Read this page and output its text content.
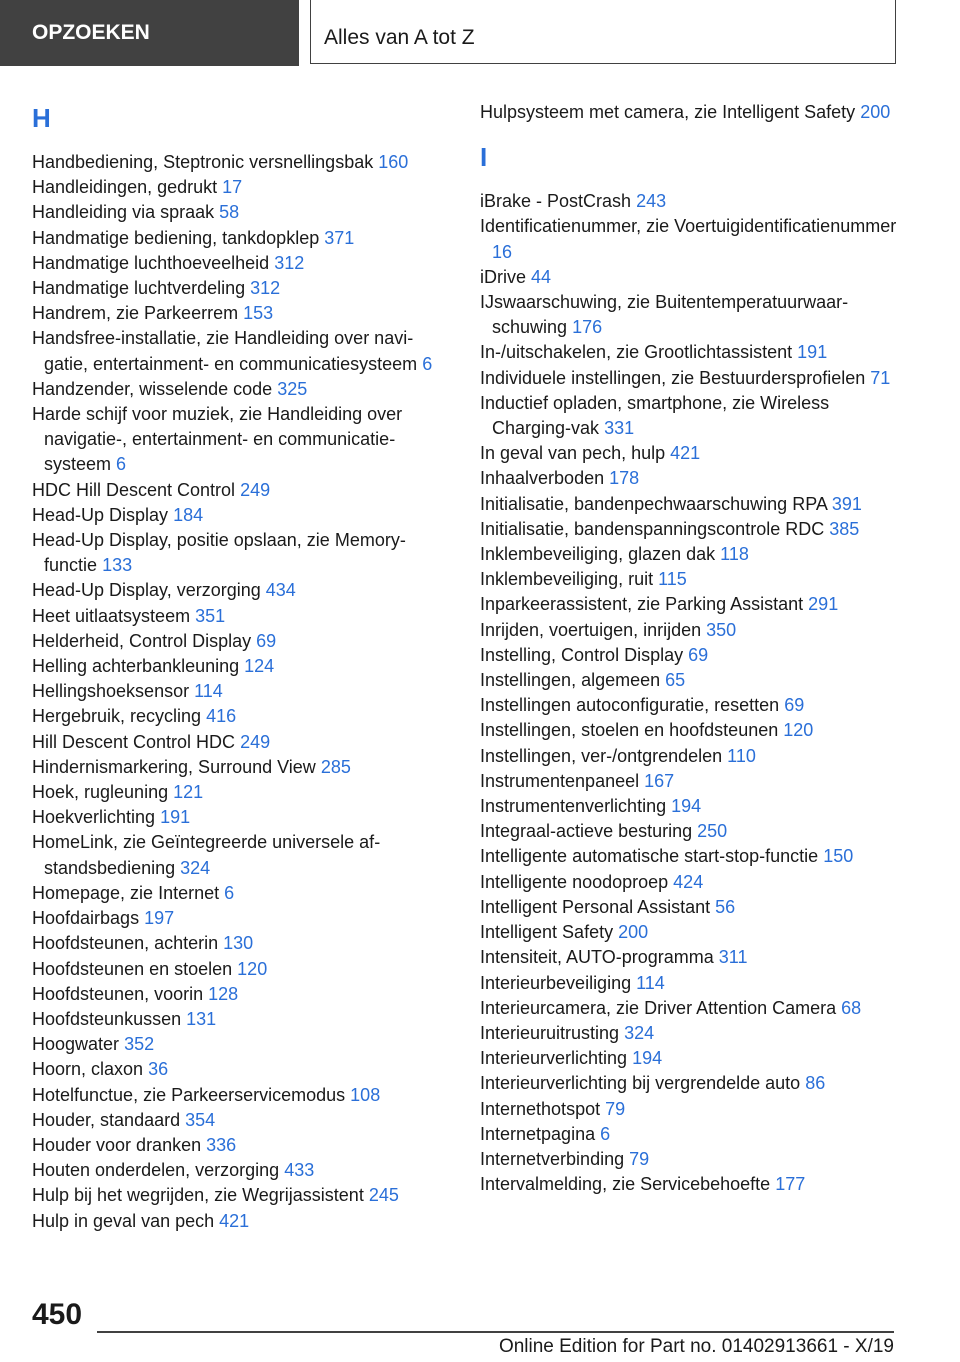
OPZOEKEN	Alles van A tot Z
H
Handbediening, Steptronic versnellingsbak 160
Handleidingen, gedrukt 17
Handleiding via spraak 58
Handmatige bediening, tankdopklep 371
Handmatige luchthoeveelheid 312
Handmatige luchtverdeling 312
Handrem, zie Parkeerrem 153
Handsfree-installatie, zie Handleiding over navigatie, entertainment- en communicatiesysteem 6
Handzender, wisselende code 325
Harde schijf voor muziek, zie Handleiding over navigatie-, entertainment- en communicatiesysteem 6
HDC Hill Descent Control 249
Head-Up Display 184
Head-Up Display, positie opslaan, zie Memoryfunctie 133
Head-Up Display, verzorging 434
Heet uitlaatsysteem 351
Helderheid, Control Display 69
Helling achterbankleuning 124
Hellingshoeksensor 114
Hergebruik, recycling 416
Hill Descent Control HDC 249
Hindernismarkering, Surround View 285
Hoek, rugleuning 121
Hoekverlichting 191
HomeLink, zie Geïntegreerde universele afstandsbediening 324
Homepage, zie Internet 6
Hoofdairbags 197
Hoofdsteunen, achterin 130
Hoofdsteunen en stoelen 120
Hoofdsteunen, voorin 128
Hoofdsteunkussen 131
Hoogwater 352
Hoorn, claxon 36
Hotelfunctue, zie Parkeerservicemodus 108
Houder, standaard 354
Houder voor dranken 336
Houten onderdelen, verzorging 433
Hulp bij het wegrijden, zie Wegrijassistent 245
Hulp in geval van pech 421
Hulpsysteem met camera, zie Intelligent Safety 200
I
iBrake - PostCrash 243
Identificatienummer, zie Voertuigidentificatienummer 16
iDrive 44
IJswaarschuwing, zie Buitentemperatuurwaarschuwing 176
In-/uitschakelen, zie Grootlichtassistent 191
Individuele instellingen, zie Bestuurdersprofielen 71
Inductief opladen, smartphone, zie Wireless Charging-vak 331
In geval van pech, hulp 421
Inhaalverboden 178
Initialisatie, bandenpechwaarschuwing RPA 391
Initialisatie, bandenspanningscontrole RDC 385
Inklembeveiliging, glazen dak 118
Inklembeveiliging, ruit 115
Inparkeerassistent, zie Parking Assistant 291
Inrijden, voertuigen, inrijden 350
Instelling, Control Display 69
Instellingen, algemeen 65
Instellingen autoconfiguratie, resetten 69
Instellingen, stoelen en hoofdsteunen 120
Instellingen, ver-/ontgrendelen 110
Instrumentenpaneel 167
Instrumentenverlichting 194
Integraal-actieve besturing 250
Intelligente automatische start-stop-functie 150
Intelligente noodoproep 424
Intelligent Personal Assistant 56
Intelligent Safety 200
Intensiteit, AUTO-programma 311
Interieurbeveiliging 114
Interieurcamera, zie Driver Attention Camera 68
Interieuruitrusting 324
Interieurverlichting 194
Interieurverlichting bij vergrendelde auto 86
Internethotspot 79
Internetpagina 6
Internetverbinding 79
Intervalmelding, zie Servicebehoefte 177
450
Online Edition for Part no. 01402913661 - X/19
